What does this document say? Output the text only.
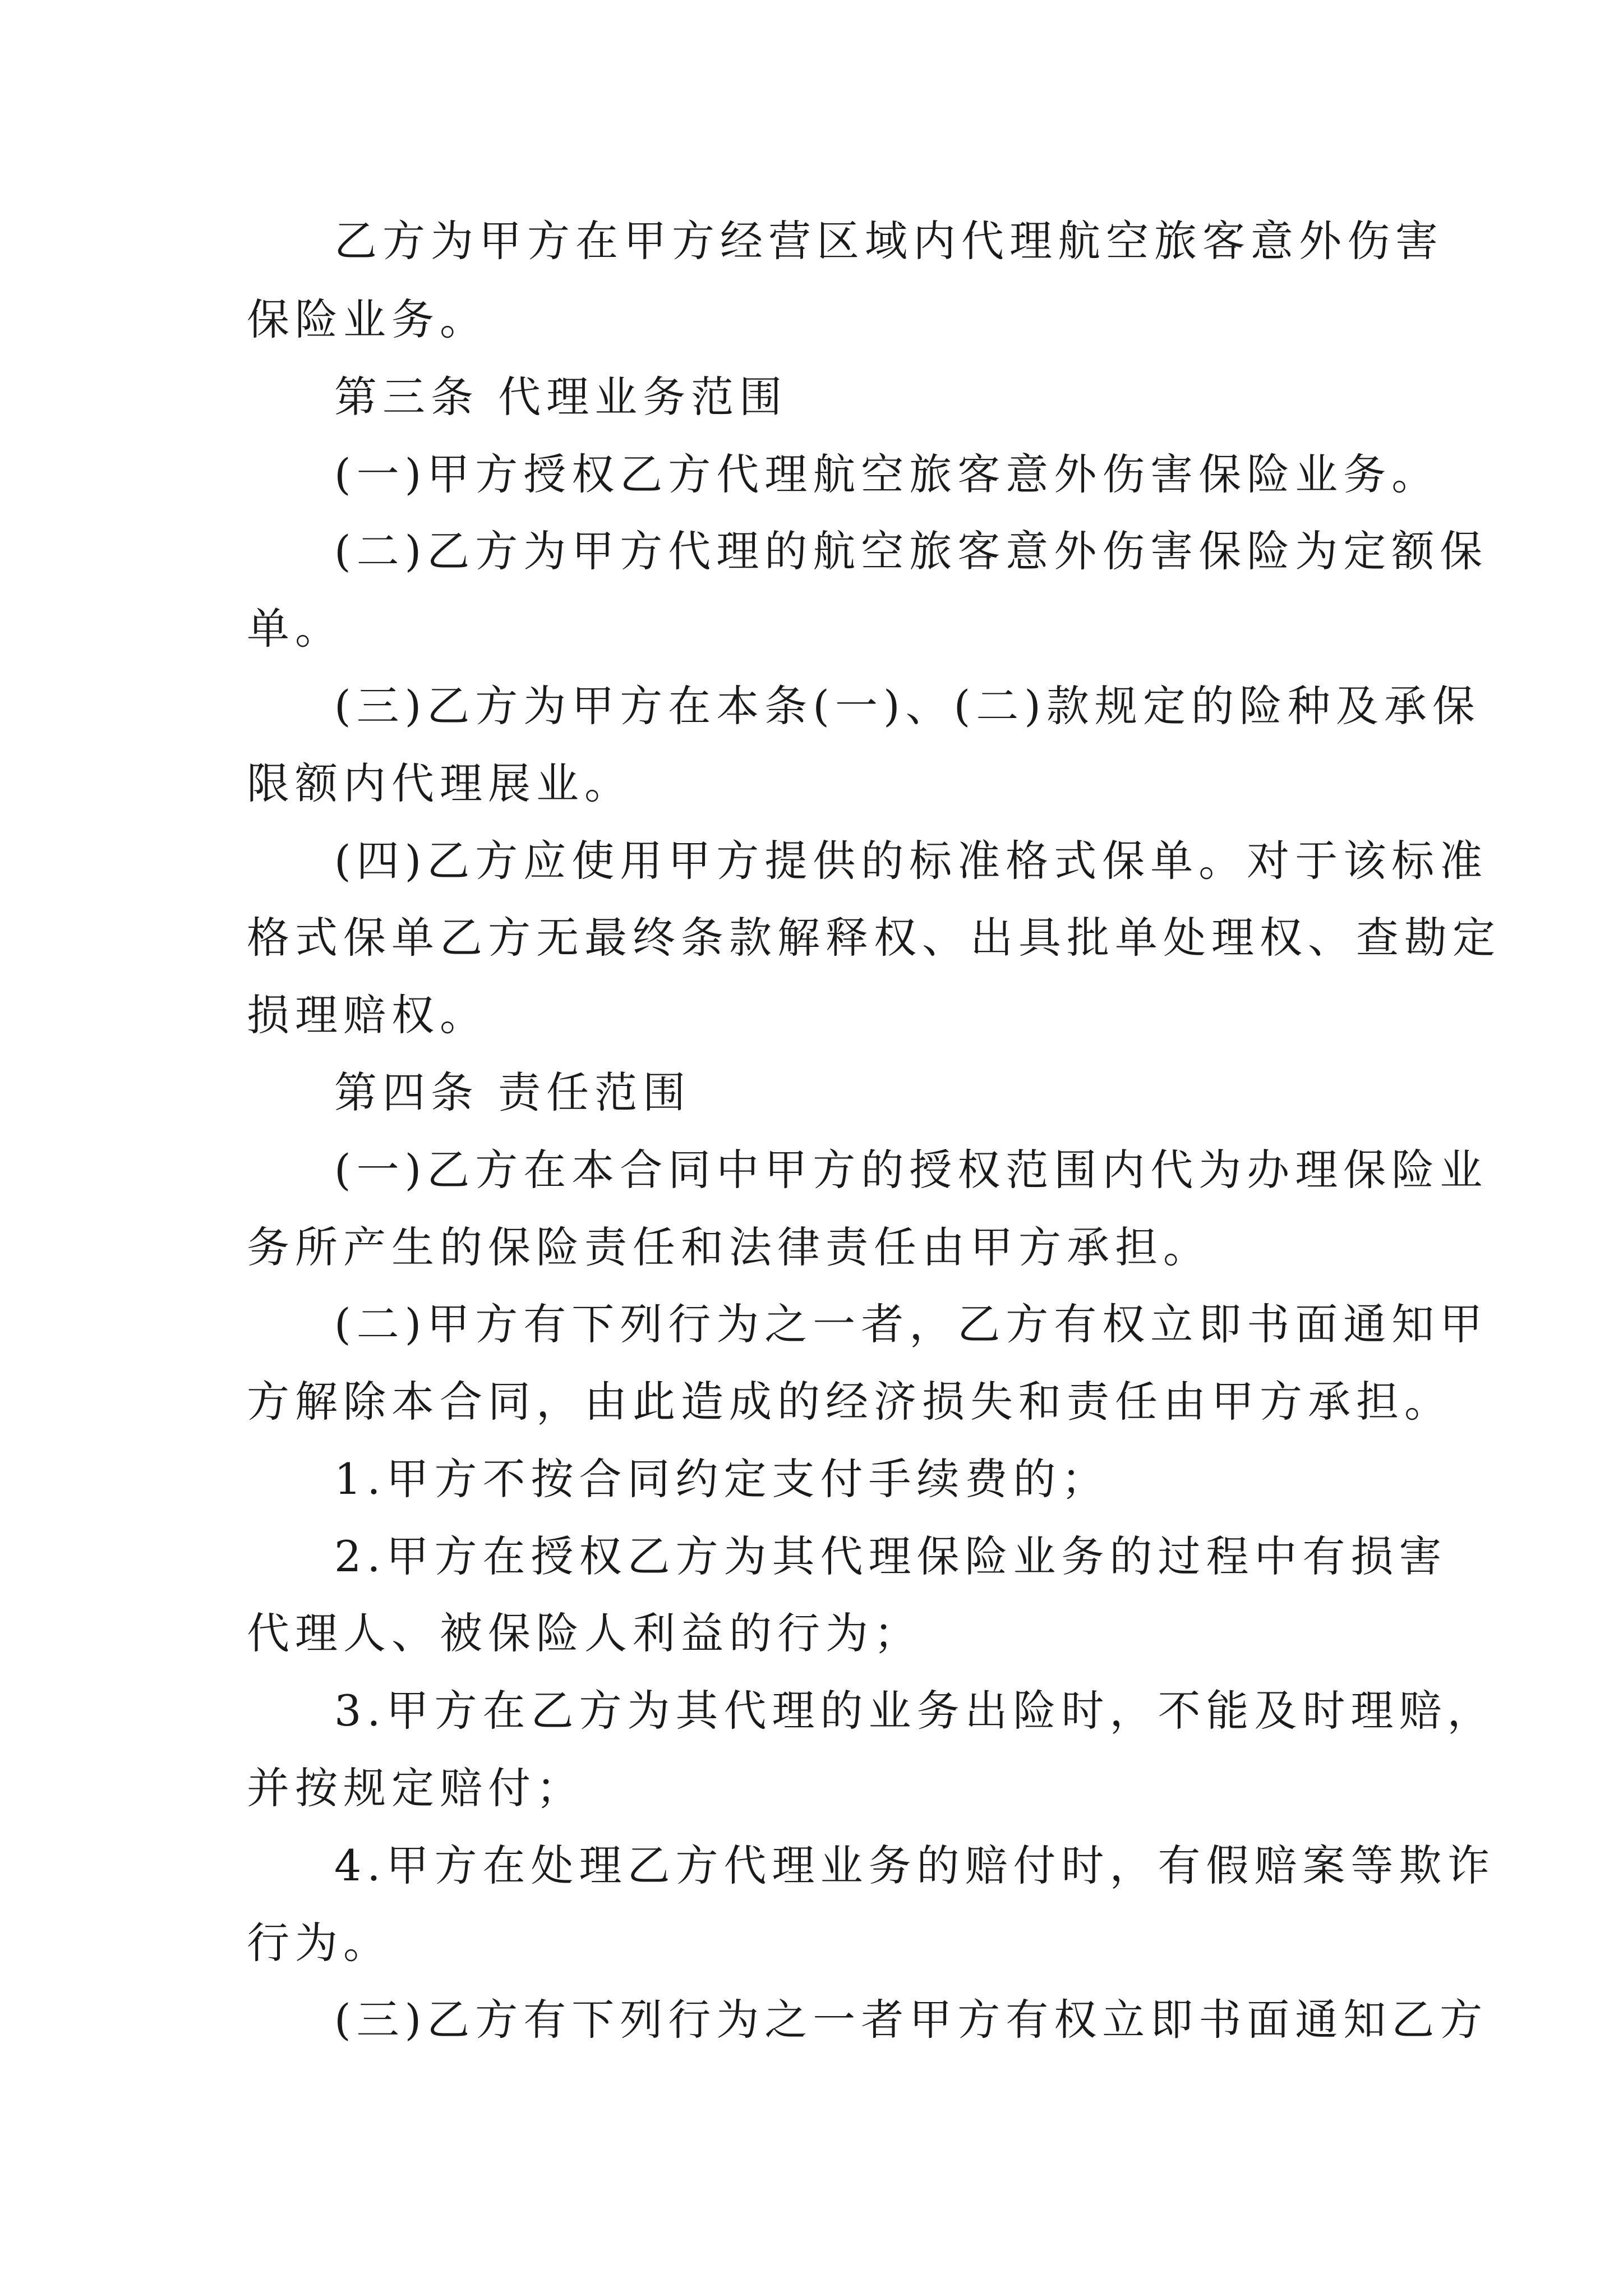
乙方为甲方在甲方经营区域内代理航空旅客意外伤害

保险业务。

第三条 代理业务范围

(一)甲方授权乙方代理航空旅客意外伤害保险业务。

(二)乙方为甲方代理的航空旅客意外伤害保险为定额保

单。

(三)乙方为甲方在本条(一)、(二)款规定的险种及承保

限额内代理展业。

(四)乙方应使用甲方提供的标准格式保单。对于该标准

格式保单乙方无最终条款解释权、出具批单处理权、查勘定

损理赔权。

第四条 责任范围

(一)乙方在本合同中甲方的授权范围内代为办理保险业

务所产生的保险责任和法律责任由甲方承担。

(二)甲方有下列行为之一者，乙方有权立即书面通知甲

方解除本合同，由此造成的经济损失和责任由甲方承担。

1.甲方不按合同约定支付手续费的；

2.甲方在授权乙方为其代理保险业务的过程中有损害

代理人、被保险人利益的行为；

3.甲方在乙方为其代理的业务出险时，不能及时理赔，

并按规定赔付；

4.甲方在处理乙方代理业务的赔付时，有假赔案等欺诈

行为。

(三)乙方有下列行为之一者甲方有权立即书面通知乙方
